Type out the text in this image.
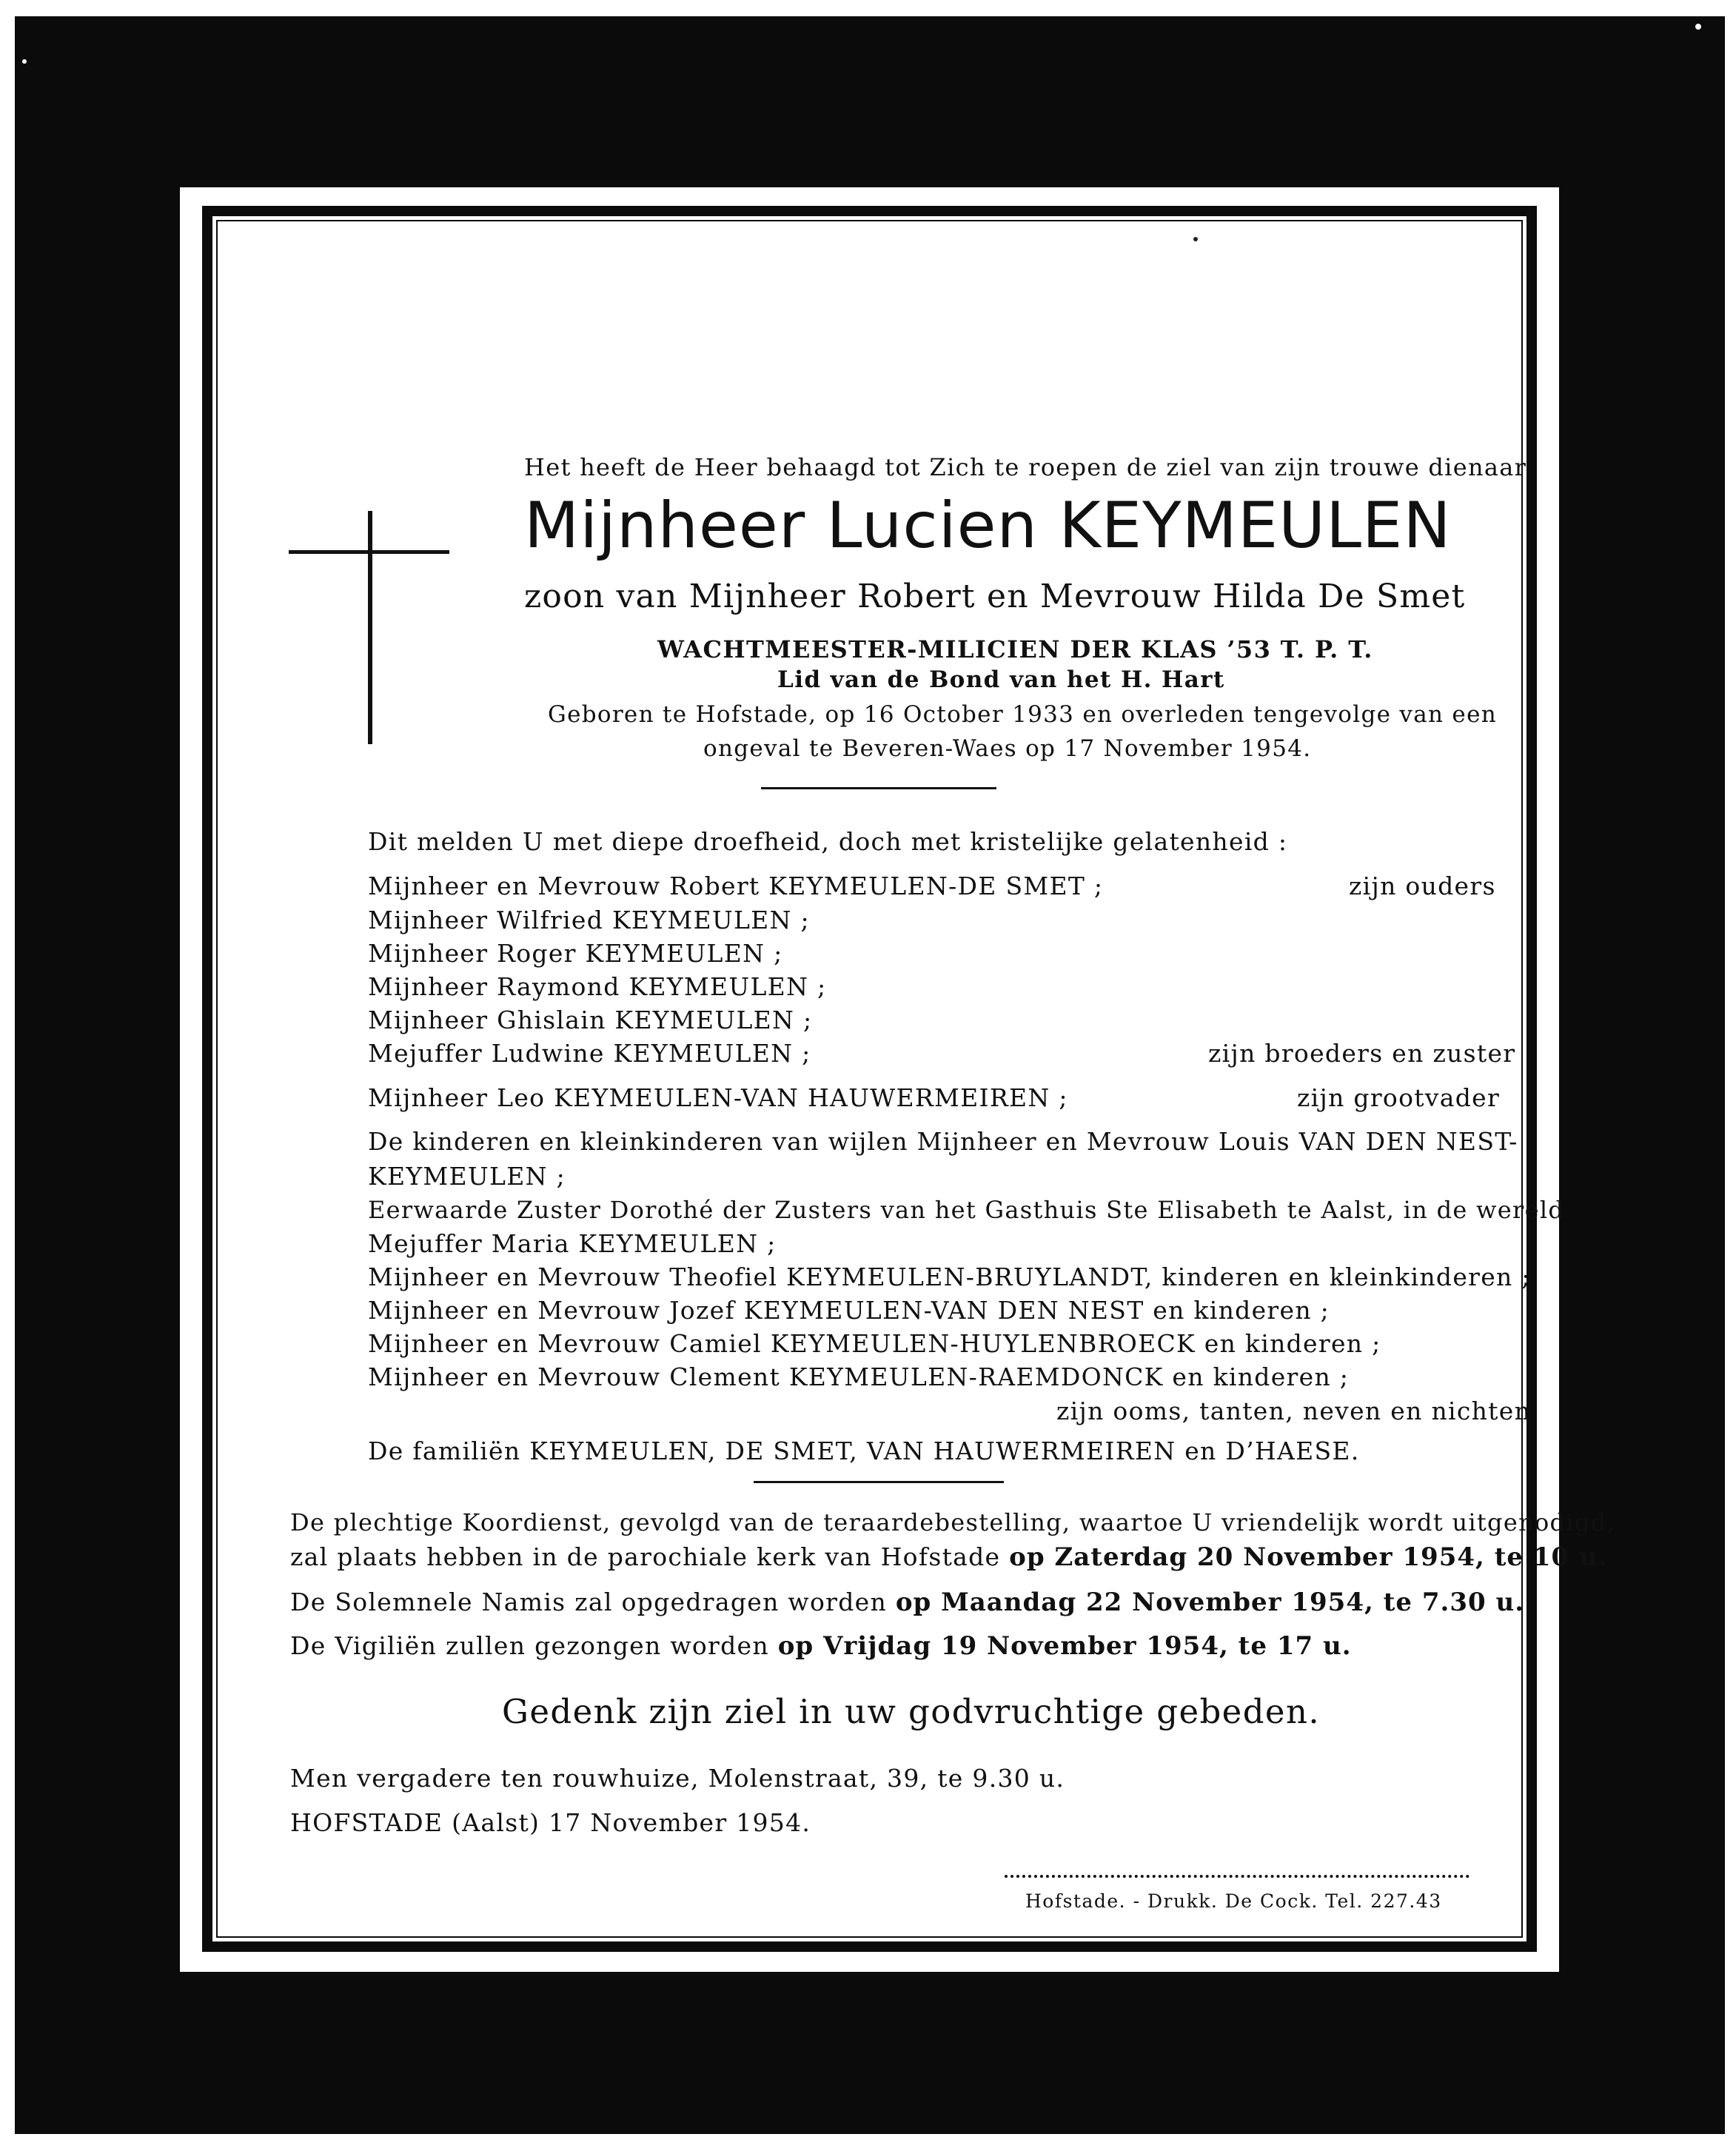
Het heeft de Heer behaagd tot Zich te roepen de ziel van zijn trouwe dienaar
Mijnheer Lucien KEYMEULEN
zoon van Mijnheer Robert en Mevrouw Hilda De Smet
WACHTMEESTER-MILICIEN DER KLAS ’53 T. P. T.
Lid van de Bond van het H. Hart
Geboren te Hofstade, op 16 October 1933 en overleden tengevolge van een
ongeval te Beveren-Waes op 17 November 1954.
Dit melden U met diepe droefheid, doch met kristelijke gelatenheid :
Mijnheer en Mevrouw Robert KEYMEULEN-DE SMET ;	zijn ouders
Mijnheer Wilfried KEYMEULEN ;
Mijnheer Roger KEYMEULEN ;
Mijnheer Raymond KEYMEULEN ;
Mijnheer Ghislain KEYMEULEN ;
Mejuffer Ludwine KEYMEULEN ;	zijn broeders en zuster
Mijnheer Leo KEYMEULEN-VAN HAUWERMEIREN ;	zijn grootvader
De kinderen en kleinkinderen van wijlen Mijnheer en Mevrouw Louis VAN DEN NEST-
KEYMEULEN ;
Eerwaarde Zuster Dorothé der Zusters van het Gasthuis Ste Elisabeth te Aalst, in de wereld
Mejuffer Maria KEYMEULEN ;
Mijnheer en Mevrouw Theofiel KEYMEULEN-BRUYLANDT, kinderen en kleinkinderen ;
Mijnheer en Mevrouw Jozef KEYMEULEN-VAN DEN NEST en kinderen ;
Mijnheer en Mevrouw Camiel KEYMEULEN-HUYLENBROECK en kinderen ;
Mijnheer en Mevrouw Clement KEYMEULEN-RAEMDONCK en kinderen ;
zijn ooms, tanten, neven en nichten
De familiën KEYMEULEN, DE SMET, VAN HAUWERMEIREN en D’HAESE.
De plechtige Koordienst, gevolgd van de teraardebestelling, waartoe U vriendelijk wordt uitgenodigd,
zal plaats hebben in de parochiale kerk van Hofstade op Zaterdag 20 November 1954, te 10 u.
De Solemnele Namis zal opgedragen worden op Maandag 22 November 1954, te 7.30 u.
De Vigiliën zullen gezongen worden op Vrijdag 19 November 1954, te 17 u.
Gedenk zijn ziel in uw godvruchtige gebeden.
Men vergadere ten rouwhuize, Molenstraat, 39, te 9.30 u.
HOFSTADE (Aalst) 17 November 1954.
Hofstade. - Drukk. De Cock. Tel. 227.43
